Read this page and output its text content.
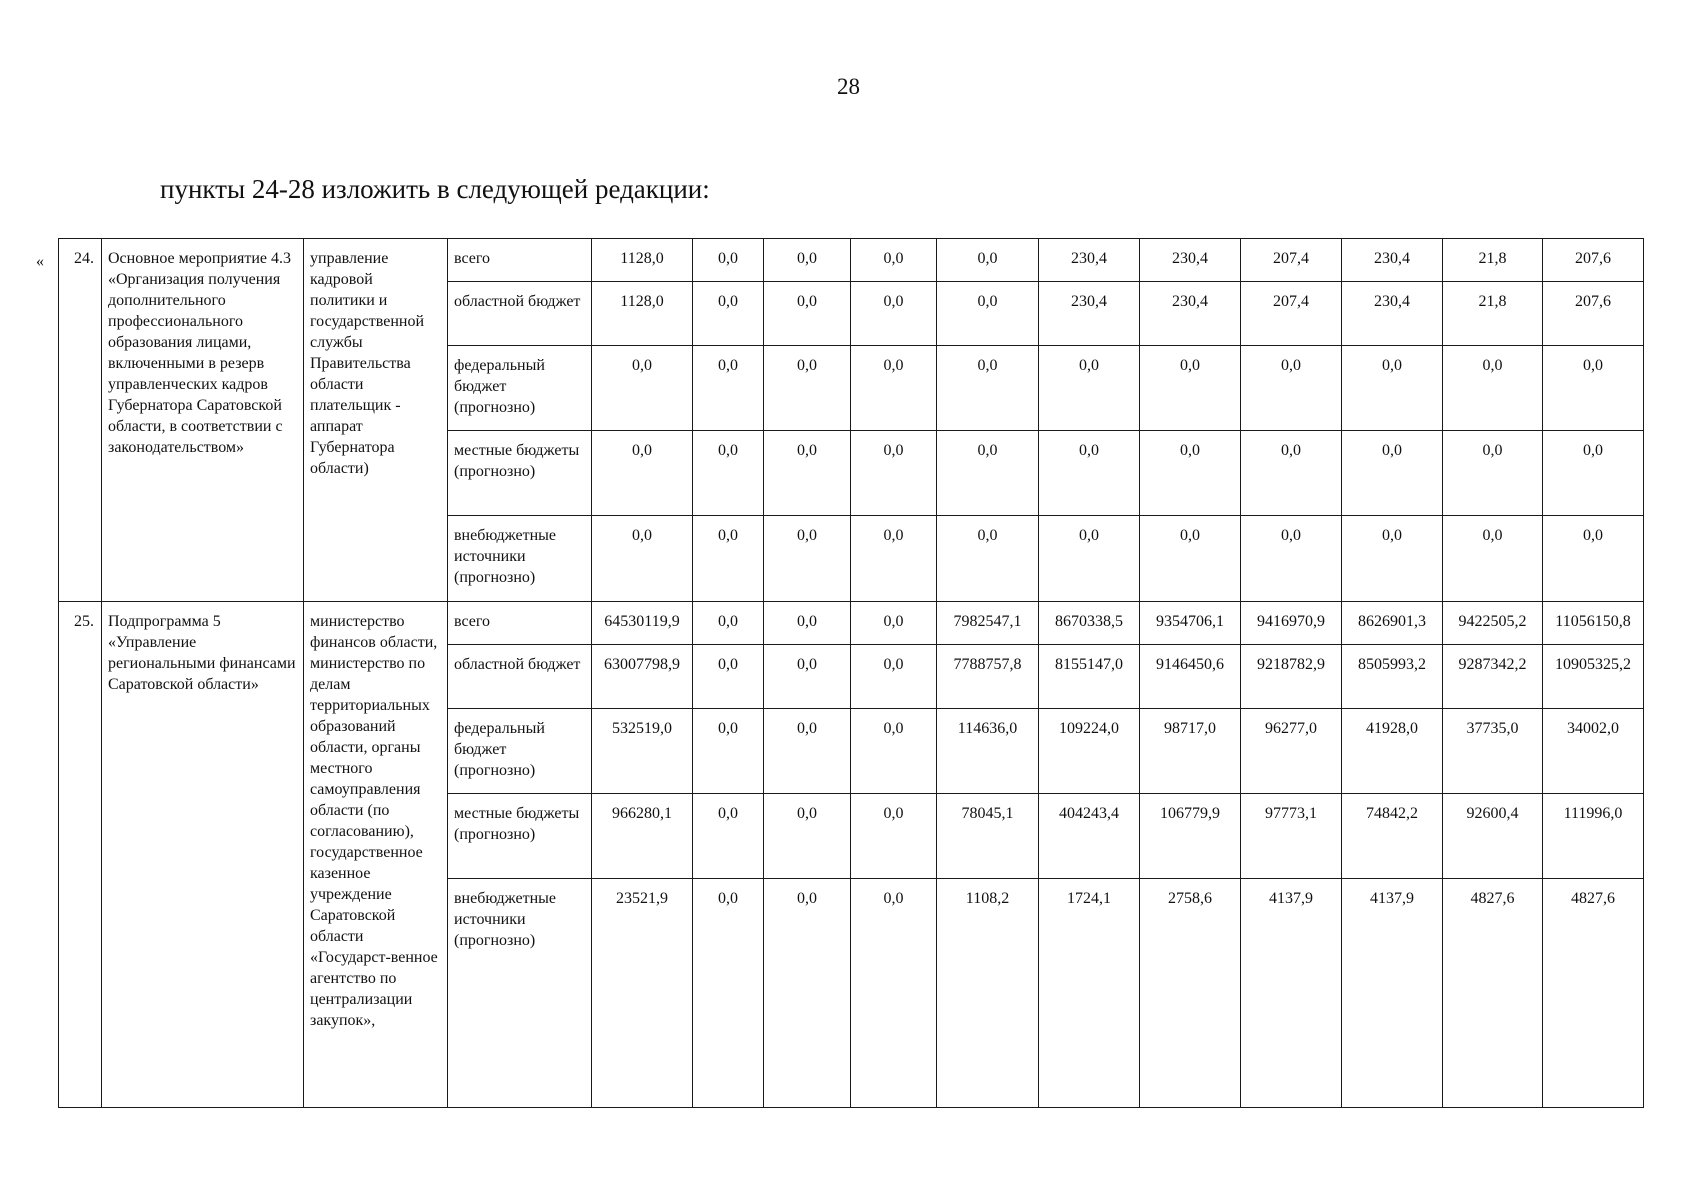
28
пункты 24-28 изложить в следующей редакции:
« 24.	Основное мероприятие 4.3 «Организация получения дополнительного профессионального образования лицами, включенными в резерв управленческих кадров Губернатора Саратовской области, в соответствии с законодательством»	управление кадровой политики и государственной службы Правительства области плательщик - аппарат Губернатора области)	всего	1128,0	0,0	0,0	0,0	0,0	230,4	230,4	207,4	230,4	21,8	207,6
			областной бюджет	1128,0	0,0	0,0	0,0	0,0	230,4	230,4	207,4	230,4	21,8	207,6
			федеральный бюджет (прогнозно)	0,0	0,0	0,0	0,0	0,0	0,0	0,0	0,0	0,0	0,0	0,0
			местные бюджеты (прогнозно)	0,0	0,0	0,0	0,0	0,0	0,0	0,0	0,0	0,0	0,0	0,0
			внебюджетные источники (прогнозно)	0,0	0,0	0,0	0,0	0,0	0,0	0,0	0,0	0,0	0,0	0,0
25.	Подпрограмма 5 «Управление региональными финансами Саратовской области»	министерство финансов области, министерство по делам территориальных образований области, органы местного самоуправления области (по согласованию), государственное казенное учреждение Саратовской области «Государст-венное агентство по централизации закупок»,	всего	64530119,9	0,0	0,0	0,0	7982547,1	8670338,5	9354706,1	9416970,9	8626901,3	9422505,2	11056150,8
			областной бюджет	63007798,9	0,0	0,0	0,0	7788757,8	8155147,0	9146450,6	9218782,9	8505993,2	9287342,2	10905325,2
			федеральный бюджет (прогнозно)	532519,0	0,0	0,0	0,0	114636,0	109224,0	98717,0	96277,0	41928,0	37735,0	34002,0
			местные бюджеты (прогнозно)	966280,1	0,0	0,0	0,0	78045,1	404243,4	106779,9	97773,1	74842,2	92600,4	111996,0
			внебюджетные источники (прогнозно)	23521,9	0,0	0,0	0,0	1108,2	1724,1	2758,6	4137,9	4137,9	4827,6	4827,6
